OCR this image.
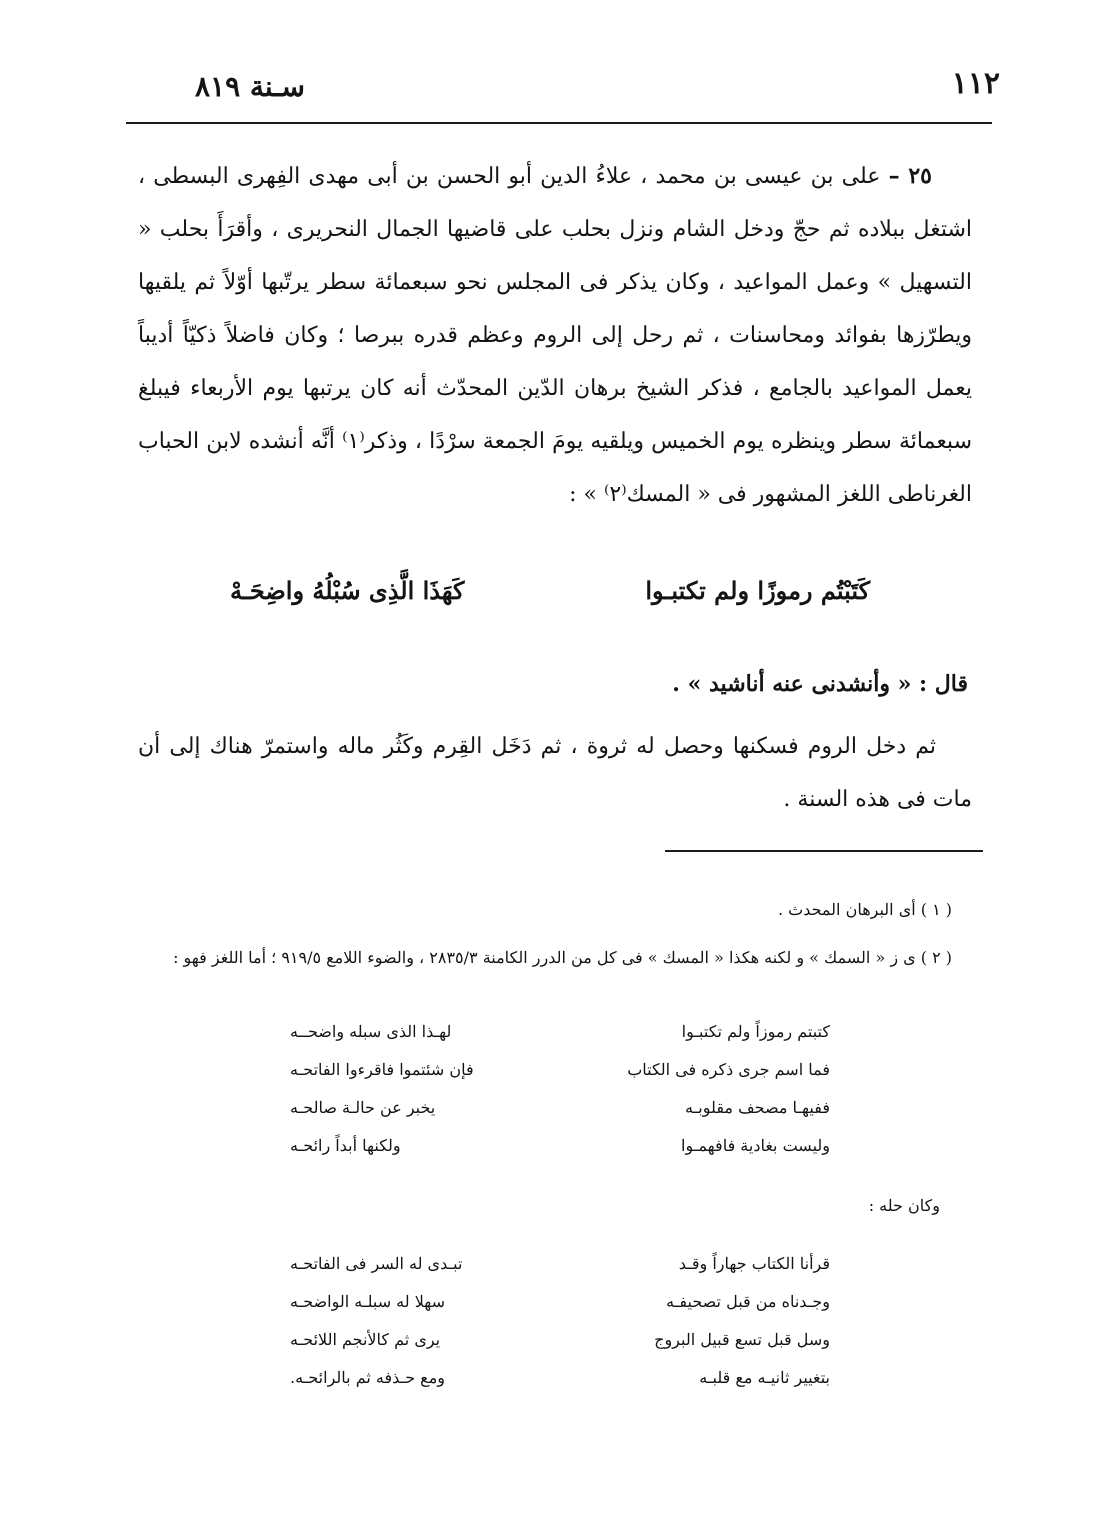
١١٢
سـنة ٨١٩
٢٥ – على بن عيسى بن محمد ، علاءُ الدين أبو الحسن بن أبى مهدى الفِهرى البسطى ، اشتغل ببلاده ثم حجّ ودخل الشام ونزل بحلب على قاضيها الجمال النحريرى ، وأقرَأَ بحلب « التسهيل » وعمل المواعيد ، وكان يذكر فى المجلس نحو سبعمائة سطر يرتّبها أوّلاً ثم يلقيها ويطرّزها بفوائد ومحاسنات ، ثم رحل إلى الروم وعظم قدره ببرصا ؛ وكان فاضلاً ذكيّاً أديباً يعمل المواعيد بالجامع ، فذكر الشيخ برهان الدّين المحدّث أنه كان يرتبها يوم الأربعاء فيبلغ سبعمائة سطر وينظره يوم الخميس ويلقيه يومَ الجمعة سرْدًا ، وذكر⁽١⁾ أنَّه أنشده لابن الحباب الغرناطى اللغز المشهور فى « المسك⁽٢⁾ » :
كَتَبْتُم رموزًا ولم تكتبـوا
كَهَذَا الَّذِى سُبْلُهُ واضِحَـهْ
قال : « وأنشدنى عنه أناشيد » .
ثم دخل الروم فسكنها وحصل له ثروة ، ثم دَخَل القِرم وكَثُر ماله واستمرّ هناك إلى أن مات فى هذه السنة .
( ١ ) أى البرهان المحدث .
( ٢ ) ى ز « السمك » و لكنه هكذا « المسك » فى كل من الدرر الكامنة ٢٨٣٥/٣ ، والضوء اللامع ٩١٩/٥ ؛ أما اللغز فهو :
كتبتم رموزاً ولم تكتبـوا
لهـذا الذى سبله واضحــه
فما اسم جرى ذكره فى الكتاب
فإن شئتموا فاقرءوا الفاتحـه
ففيهـا مصحف مقلوبـه
يخبر عن حالـة صالحـه
وليست بغادية فافهمـوا
ولكنها أبداً رائحـه
وكان حله :
قرأنا الكتاب جهاراً وقـد
تبـدى له السر فى الفاتحـه
وجـدناه من قبل تصحيفـه
سهلا له سبلـه الواضحـه
وسل قبل تسع قبيل البروج
يرى ثم كالأنجم اللائحـه
بتغيير ثانيـه مع قلبـه
ومع حـذفه ثم بالرائحـه.
